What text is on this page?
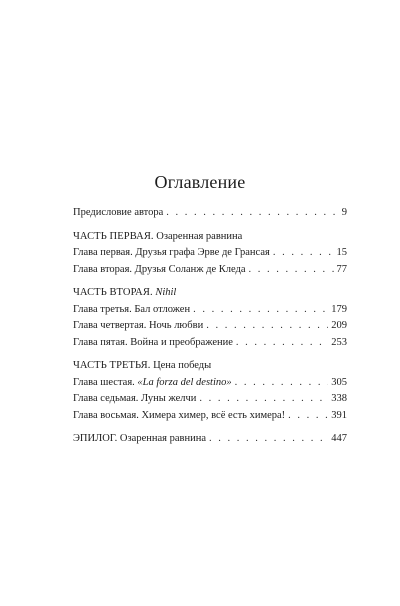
Оглавление
Предисловие автора . . .	9
ЧАСТЬ ПЕРВАЯ. Озаренная равнина
Глава первая. Друзья графа Эрве де Грансая . . .	15
Глава вторая. Друзья Соланж де Кледа . . .	77
ЧАСТЬ ВТОРАЯ. Nihil
Глава третья. Бал отложен . . .	179
Глава четвертая. Ночь любви . . .	209
Глава пятая. Война и преображение . . .	253
ЧАСТЬ ТРЕТЬЯ. Цена победы
Глава шестая. «La forza del destino» . . .	305
Глава седьмая. Луны желчи . . .	338
Глава восьмая. Химера химер, всё есть химера! . . .	391
ЭПИЛОГ. Озаренная равнина . . .	447
